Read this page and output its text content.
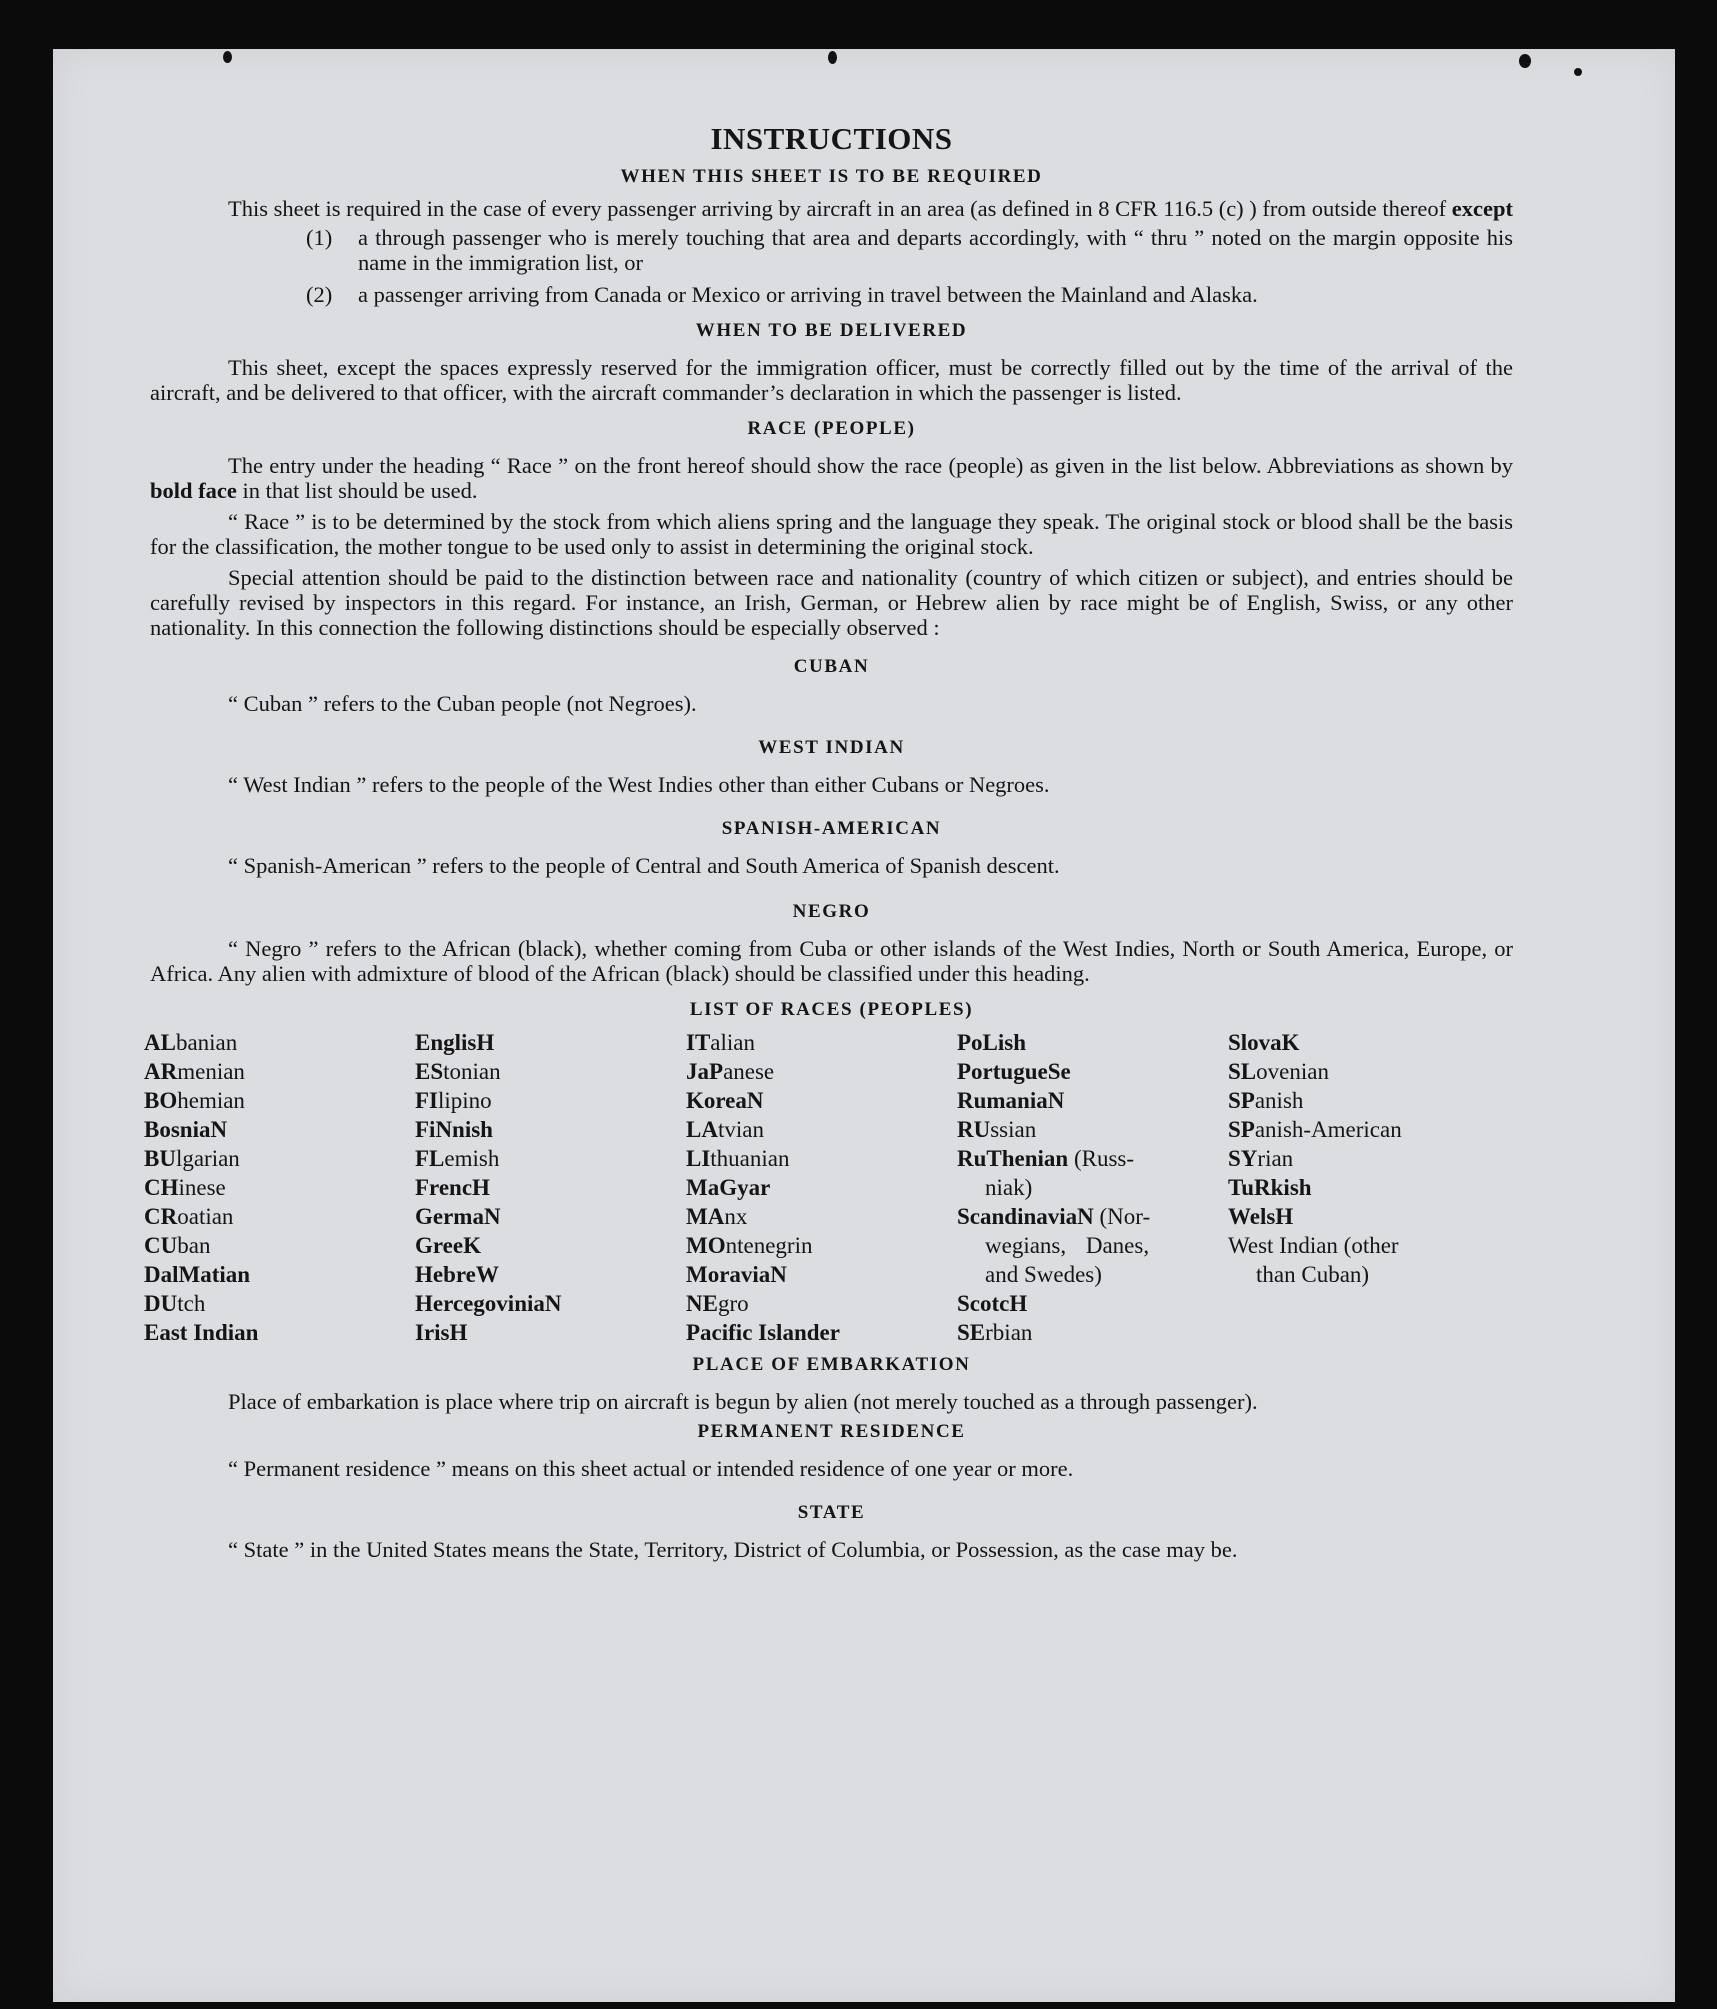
INSTRUCTIONS
WHEN THIS SHEET IS TO BE REQUIRED

This sheet is required in the case of every passenger arriving by aircraft in an area (as defined in 8 CFR 116.5 (c) ) from outside thereof except

(1)	a through passenger who is merely touching that area and departs accordingly, with “ thru ” noted on the margin opposite his name in the immigration list, or
(2)	a passenger arriving from Canada or Mexico or arriving in travel between the Mainland and Alaska.
WHEN TO BE DELIVERED

This sheet, except the spaces expressly reserved for the immigration officer, must be correctly filled out by the time of the arrival of the aircraft, and be delivered to that officer, with the aircraft commander’s declaration in which the passenger is listed.

RACE (PEOPLE)

The entry under the heading “ Race ” on the front hereof should show the race (people) as given in the list below. Abbreviations as shown by bold face in that list should be used.

“ Race ” is to be determined by the stock from which aliens spring and the language they speak. The original stock or blood shall be the basis for the classification, the mother tongue to be used only to assist in determining the original stock.

Special attention should be paid to the distinction between race and nationality (country of which citizen or subject), and entries should be carefully revised by inspectors in this regard. For instance, an Irish, German, or Hebrew alien by race might be of English, Swiss, or any other nationality. In this connection the following distinctions should be especially observed :

CUBAN

“ Cuban ” refers to the Cuban people (not Negroes).

WEST INDIAN

“ West Indian ” refers to the people of the West Indies other than either Cubans or Negroes.

SPANISH-AMERICAN

“ Spanish-American ” refers to the people of Central and South America of Spanish descent.

NEGRO

“ Negro ” refers to the African (black), whether coming from Cuba or other islands of the West Indies, North or South America, Europe, or Africa. Any alien with admixture of blood of the African (black) should be classified under this heading.

LIST OF RACES (PEOPLES)
ALbanian
ARmenian
BOhemian
BosniaN
BUlgarian
CHinese
CRoatian
CUban
DalMatian
DUtch
East Indian
EnglisH
EStonian
FIlipino
FiNnish
FLemish
FrencH
GermaN
GreeK
HebreW
HercegoviniaN
IrisH
ITalian
JaPanese
KoreaN
LAtvian
LIthuanian
MaGyar
MAnx
MOntenegrin
MoraviaN
NEgro
Pacific Islander
PoLish
PortugueSe
RumaniaN
RUssian
RuThenian (Russ-
niak)
ScandinaviaN (Nor-
wegians, Danes,
and Swedes)
ScotcH
SErbian
SlovaK
SLovenian
SPanish
SPanish-American
SYrian
TuRkish
WelsH
West Indian (other
than Cuban)
PLACE OF EMBARKATION

Place of embarkation is place where trip on aircraft is begun by alien (not merely touched as a through passenger).

PERMANENT RESIDENCE

“ Permanent residence ” means on this sheet actual or intended residence of one year or more.

STATE

“ State ” in the United States means the State, Territory, District of Columbia, or Possession, as the case may be.
